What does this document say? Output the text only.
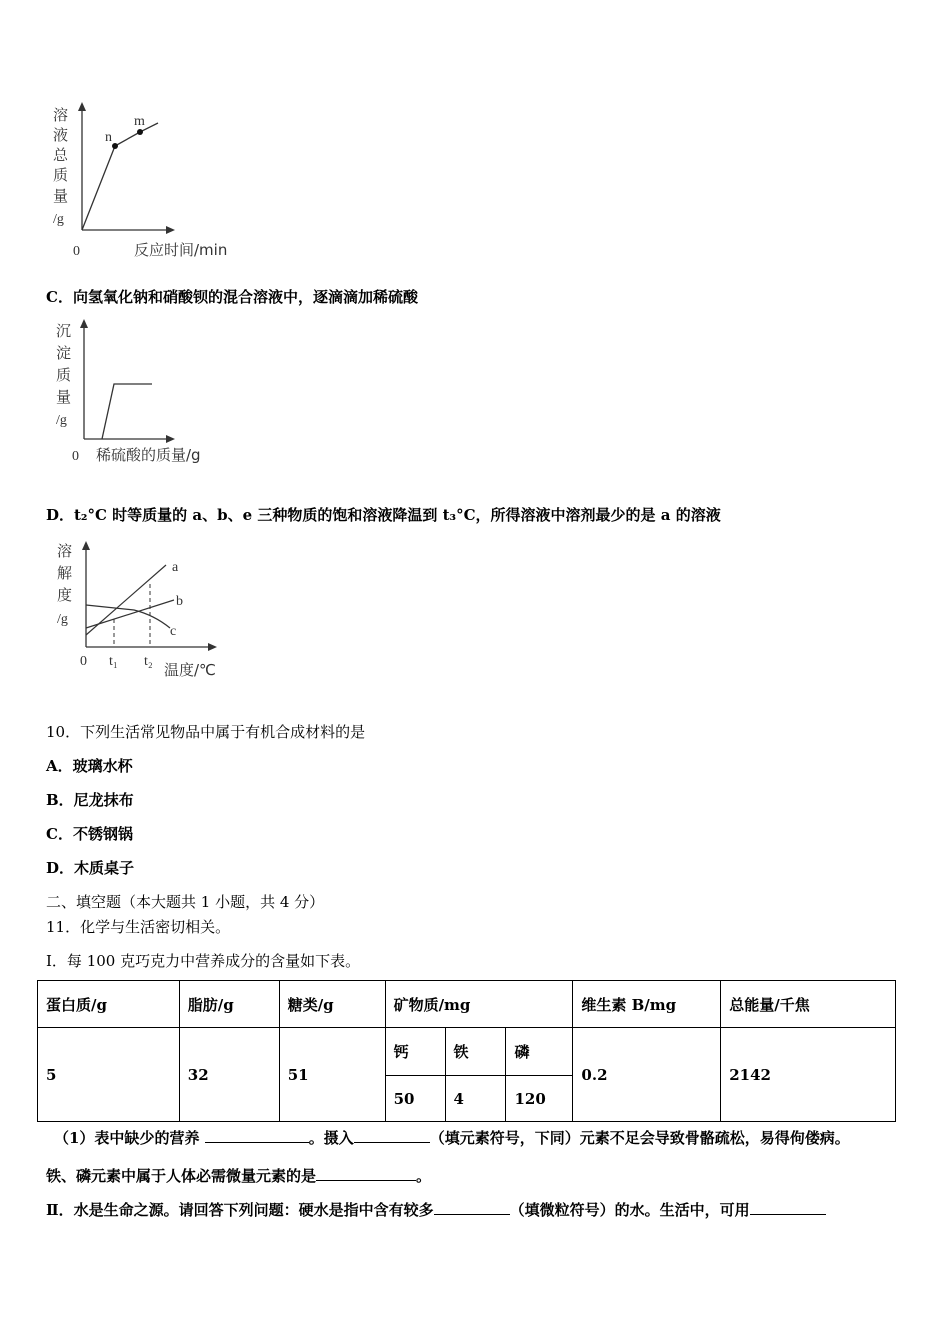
n
m
溶
液
总
质
量
/g
0	反应时间/min
C．向氢氧化钠和硝酸钡的混合溶液中，逐滴滴加稀硫酸
沉
淀
质
量
/g
0 稀硫酸的质量/g
D．t₂°C 时等质量的 a、b、e 三种物质的饱和溶液降温到 t₃°C，所得溶液中溶剂最少的是 a 的溶液
a
b
c
溶
解
度
/g
0 t₁ t₂ 温度/℃
10．下列生活常见物品中属于有机合成材料的是
A．玻璃水杯
B．尼龙抹布
C．不锈钢锅
D．木质桌子
二、填空题（本大题共 1 小题，共 4 分）
11．化学与生活密切相关。
Ⅰ．每 100 克巧克力中营养成分的含量如下表。
蛋白质/g	脂肪/g	糖类/g	矿物质/mg			维生素 B/mg	总能量/千焦
5	32	51	钙	铁	磷	0.2	2142
			50	4	120		
（1）表中缺少的营养	。摄入	（填元素符号，下同）元素不足会导致骨骼疏松，易得佝偻病。
铁、磷元素中属于人体必需微量元素的是	。
Ⅱ．水是生命之源。请回答下列问题：硬水是指中含有较多	（填微粒符号）的水。生活中，可用
